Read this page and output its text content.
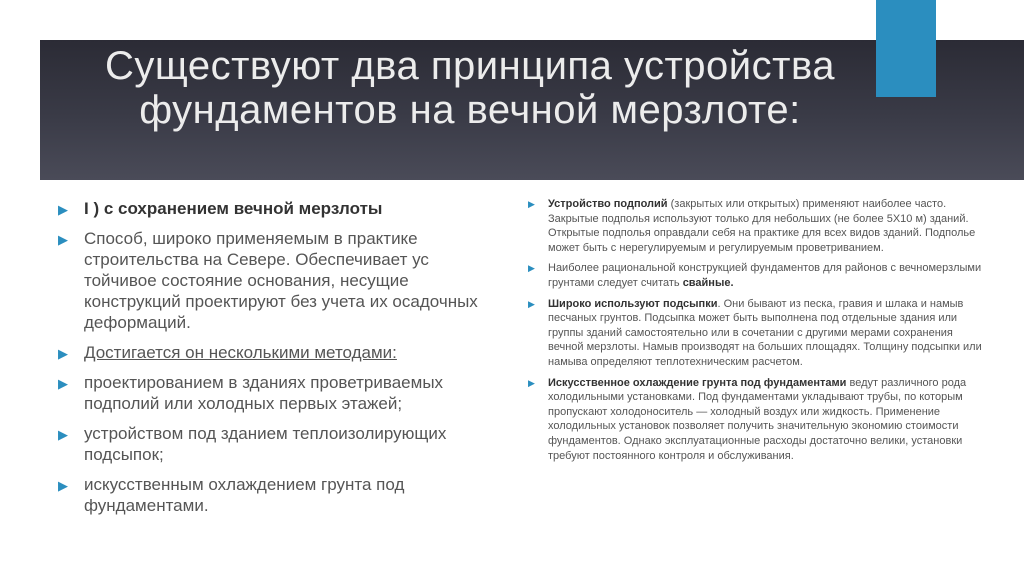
Существуют два принципа устройства фундаментов на вечной мерзлоте:
▶ I ) с сохранением вечной мерзлоты
▶ Способ, широко применяемым в практике строительства на Севере. Обеспечивает ус тойчивое состояние основания, несущие конструкций проектируют без учета их осадочных деформаций.
▶ Достигается он несколькими методами:
▶ проектированием в зданиях проветриваемых подполий или холодных первых этажей;
▶ устройством под зданием теплоизолирующих подсыпок;
▶ искусственным охлаждением грунта под фундаментами.
▶ Устройство подполий (закрытых или открытых) применяют наиболее часто. Закрытые подполья используют только для небольших (не более 5Х10 м) зданий. Открытые подполья оправдали себя на практике для всех видов зданий. Подполье может быть с нерегулируемым и регулируемым проветриванием.
▶ Наиболее рациональной конструкцией фундаментов для районов с вечномерзлыми грунтами следует считать свайные.
▶ Широко используют подсыпки. Они бывают из песка, гравия и шлака и намыв песчаных грунтов. Подсыпка может быть выполнена под отдельные здания или группы зданий самостоятельно или в сочетании с другими мерами сохранения вечной мерзлоты. Намыв производят на больших площадях. Толщину подсыпки или намыва определяют теплотехническим расчетом.
▶ Искусственное охлаждение грунта под фундаментами ведут различного рода холодильными установками. Под фундаментами укладывают трубы, по которым пропускают холодоноситель — холодный воздух или жидкость. Применение холодильных установок позволяет получить значительную экономию стоимости фундаментов. Однако эксплуатационные расходы достаточно велики, установки требуют постоянного контроля и обслуживания.
